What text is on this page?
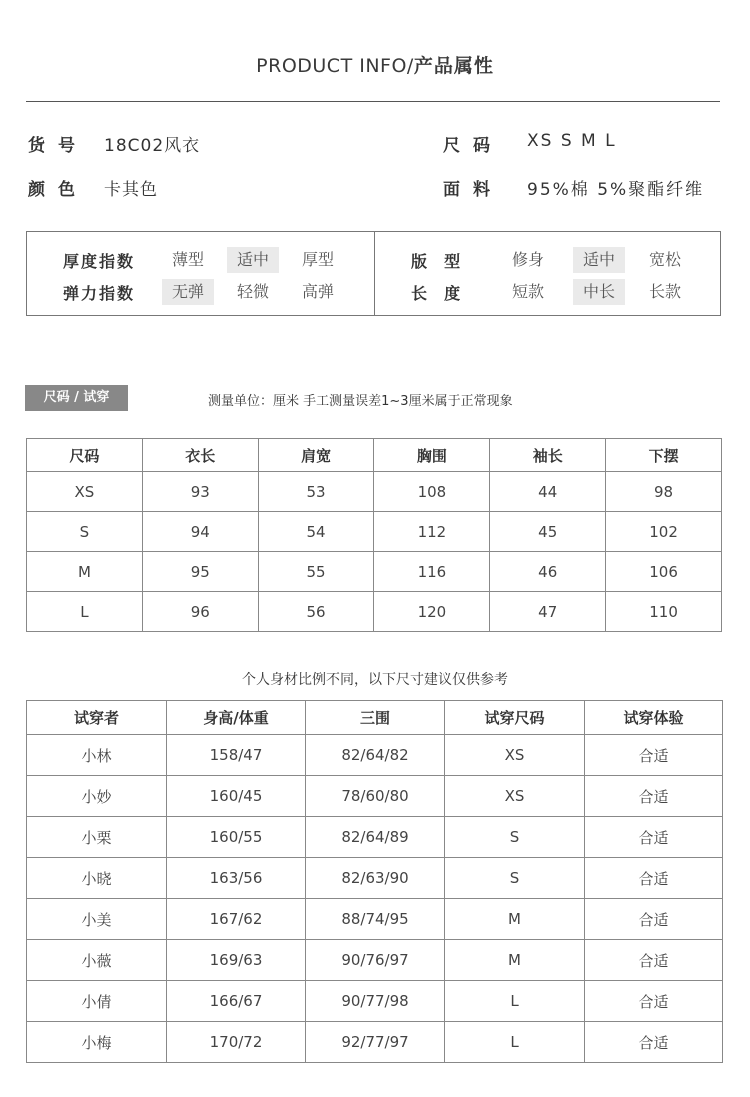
PRODUCT INFO/产品属性
货号 18C02风衣
颜色 卡其色
尺码 XS S M L
面料 95%棉 5%聚酯纤维
厚度指数	薄型	适中	厚型
弹力指数	无弹	轻微	高弹
版  型	修身	适中	宽松
长  度	短款	中长	长款
尺码 / 试穿	测量单位：厘米 手工测量误差1~3厘米属于正常现象
尺码	衣长	肩宽	胸围	袖长	下摆
XS	93	53	108	44	98
S	94	54	112	45	102
M	95	55	116	46	106
L	96	56	120	47	110
个人身材比例不同，以下尺寸建议仅供参考
试穿者	身高/体重	三围	试穿尺码	试穿体验
小林	158/47	82/64/82	XS	合适
小妙	160/45	78/60/80	XS	合适
小栗	160/55	82/64/89	S	合适
小晓	163/56	82/63/90	S	合适
小美	167/62	88/74/95	M	合适
小薇	169/63	90/76/97	M	合适
小倩	166/67	90/77/98	L	合适
小梅	170/72	92/77/97	L	合适
